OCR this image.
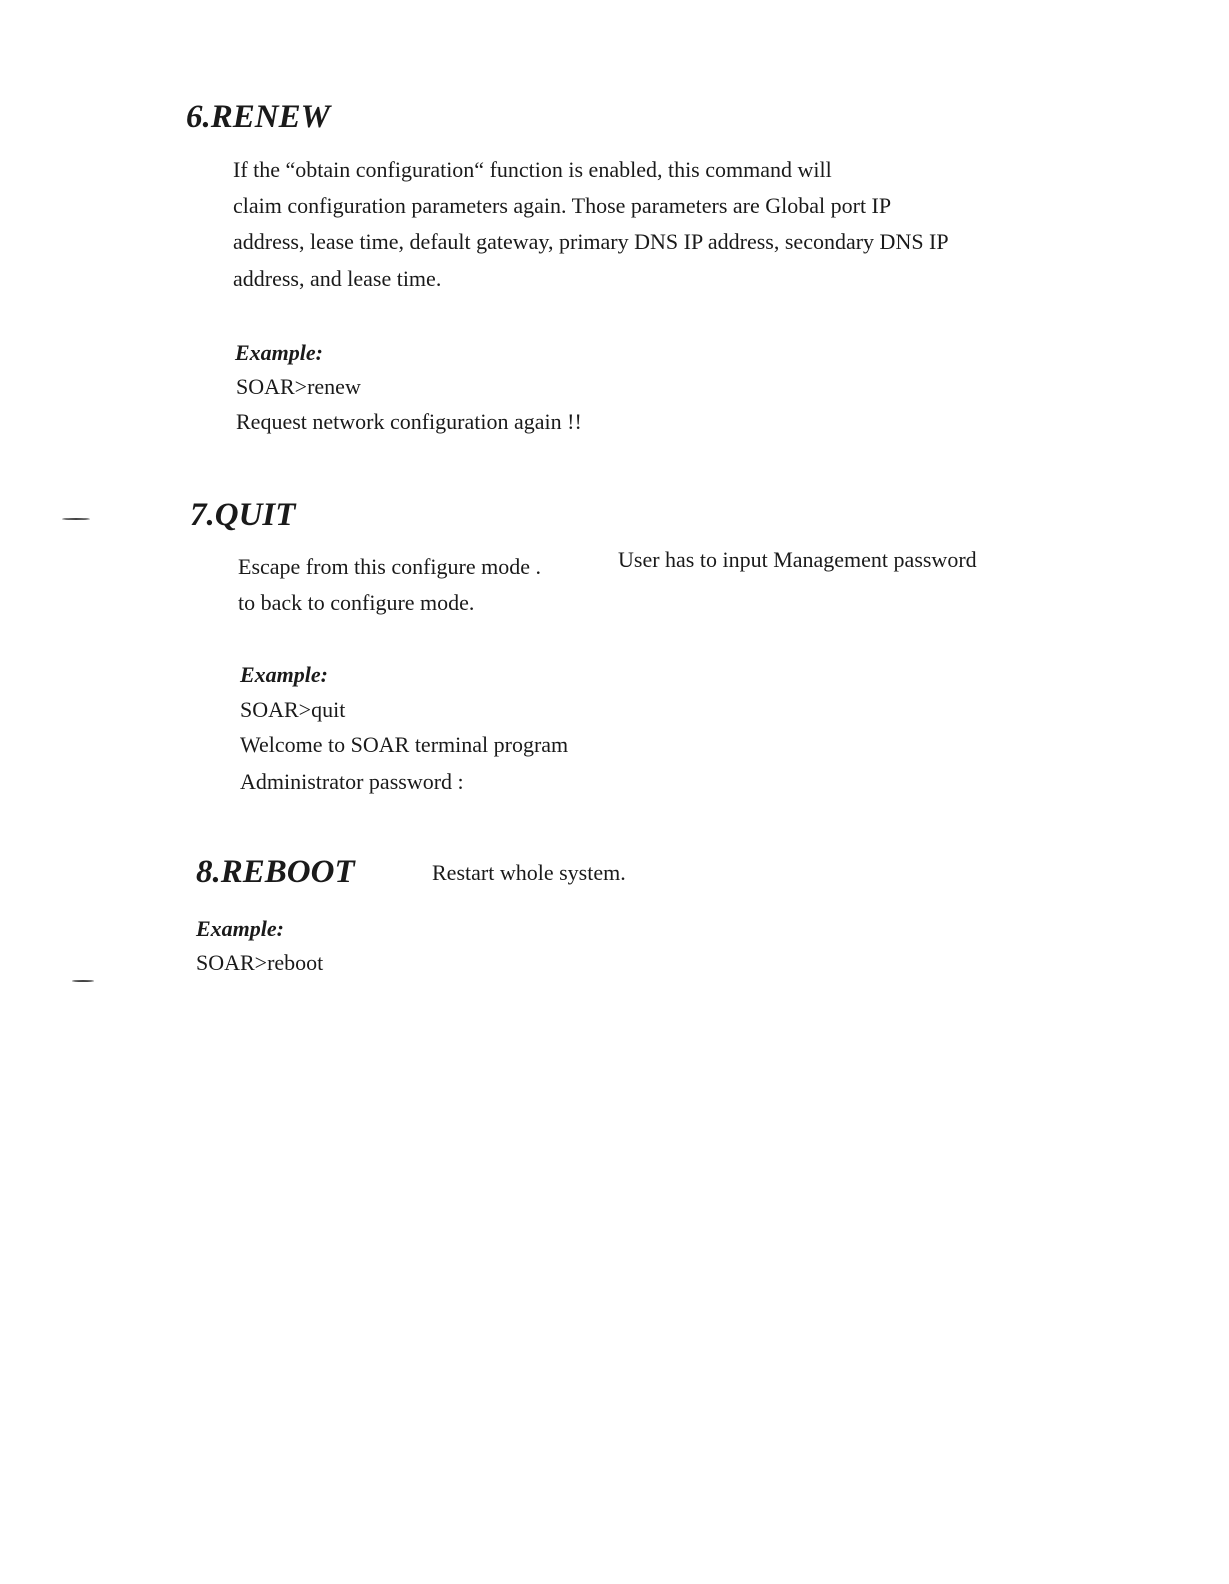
6.RENEW

If the “obtain configuration“ function is enabled, this command will

claim configuration parameters again. Those parameters are Global port IP

address, lease time, default gateway, primary DNS IP address, secondary DNS IP

address, and lease time.

Example:

SOAR>renew

Request network configuration again !!

7.QUIT

Escape from this configure mode .	User has to input Management password

to back to configure mode.

Example:

SOAR>quit

Welcome to SOAR terminal program

Administrator password :

8.REBOOT	Restart whole system.

Example:

SOAR>reboot
